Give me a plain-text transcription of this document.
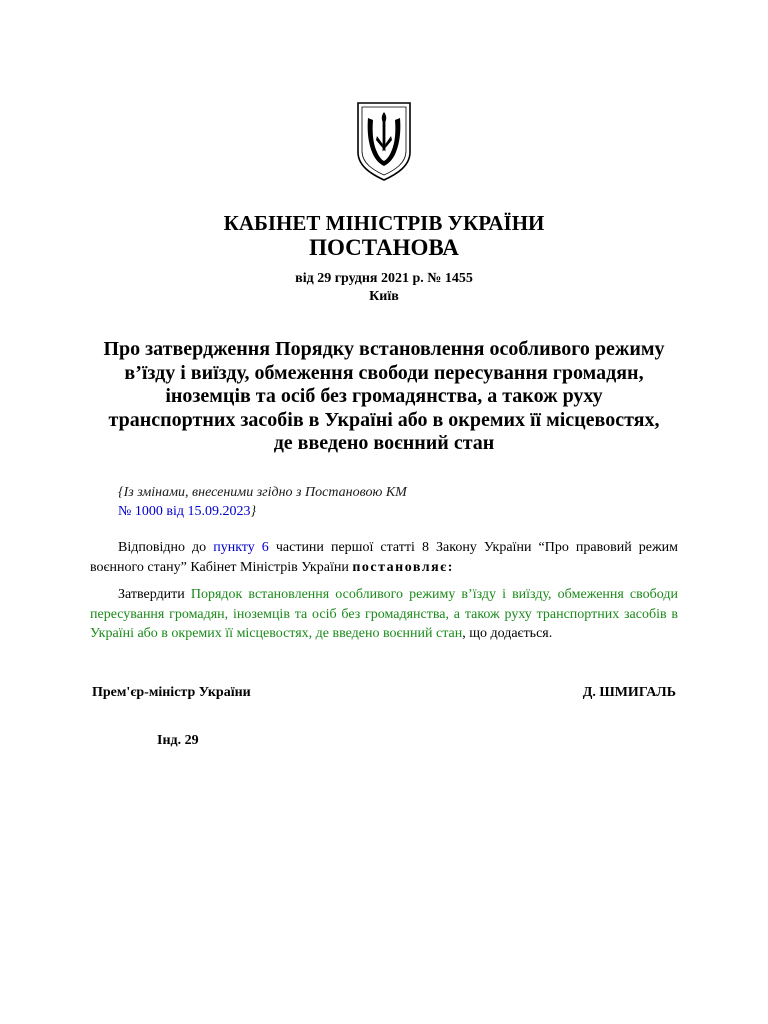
КАБІНЕТ МІНІСТРІВ УКРАЇНИ
ПОСТАНОВА
від 29 грудня 2021 р. № 1455
Київ
Про затвердження Порядку встановлення особливого режиму в’їзду і виїзду, обмеження свободи пересування громадян, іноземців та осіб без громадянства, а також руху транспортних засобів в Україні або в окремих її місцевостях, де введено воєнний стан
{Із змінами, внесеними згідно з Постановою КМ
№ 1000 від 15.09.2023}
Відповідно до пункту 6 частини першої статті 8 Закону України “Про правовий режим воєнного стану” Кабінет Міністрів України постановляє:
Затвердити Порядок встановлення особливого режиму в’їзду і виїзду, обмеження свободи пересування громадян, іноземців та осіб без громадянства, а також руху транспортних засобів в Україні або в окремих її місцевостях, де введено воєнний стан, що додається.
Прем'єр-міністр України	Д. ШМИГАЛЬ
Інд. 29
